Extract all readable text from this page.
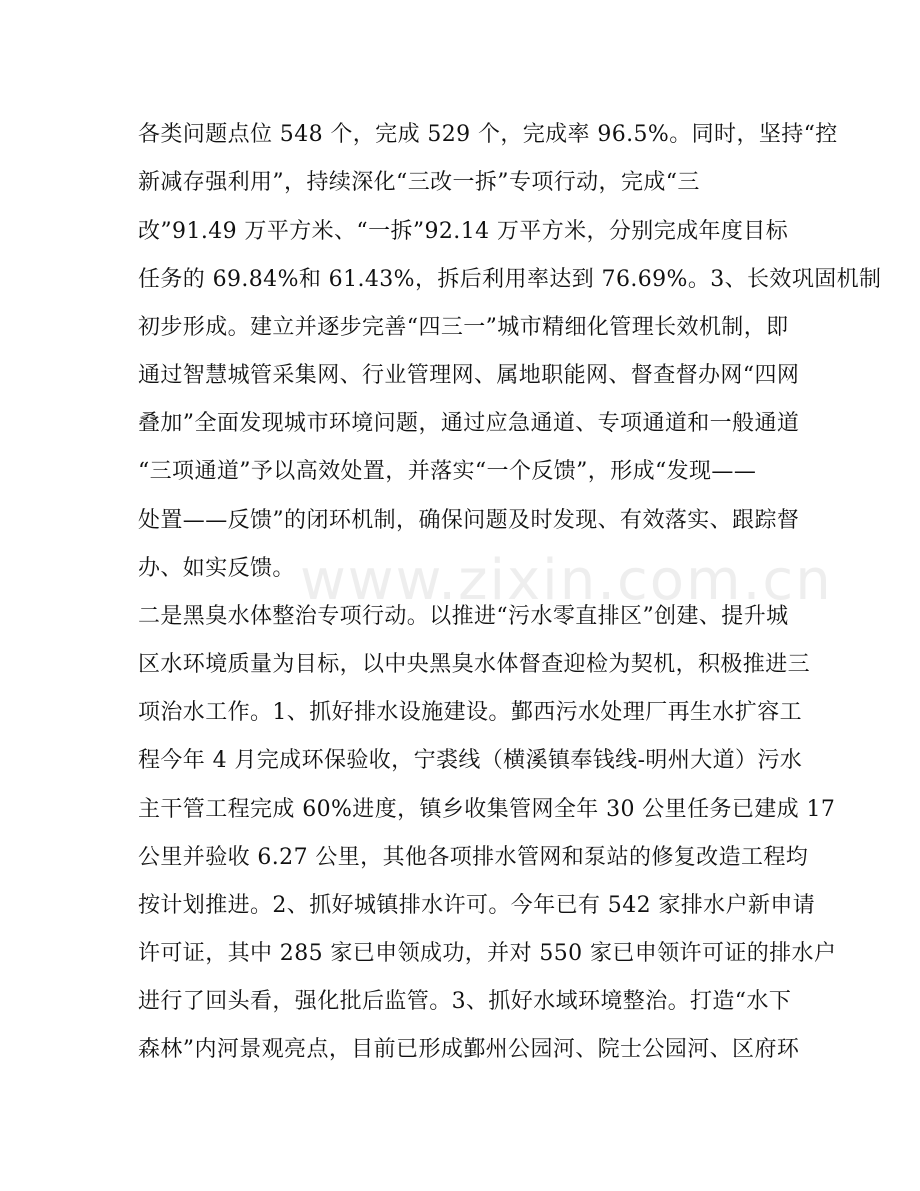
www.zixin.com.cn
各类问题点位 548 个，完成 529 个，完成率 96.5%。同时，坚持“控
新减存强利用”，持续深化“三改一拆”专项行动，完成“三
改”91.49 万平方米、“一拆”92.14 万平方米，分别完成年度目标
任务的 69.84%和 61.43%，拆后利用率达到 76.69%。3、长效巩固机制
初步形成。建立并逐步完善“四三一”城市精细化管理长效机制，即
通过智慧城管采集网、行业管理网、属地职能网、督查督办网“四网
叠加”全面发现城市环境问题，通过应急通道、专项通道和一般通道
“三项通道”予以高效处置，并落实“一个反馈”，形成“发现——
处置——反馈”的闭环机制，确保问题及时发现、有效落实、跟踪督
办、如实反馈。
二是黑臭水体整治专项行动。以推进“污水零直排区”创建、提升城
区水环境质量为目标，以中央黑臭水体督查迎检为契机，积极推进三
项治水工作。1、抓好排水设施建设。鄞西污水处理厂再生水扩容工
程今年 4 月完成环保验收，宁裘线（横溪镇奉钱线-明州大道）污水
主干管工程完成 60%进度，镇乡收集管网全年 30 公里任务已建成 17
公里并验收 6.27 公里，其他各项排水管网和泵站的修复改造工程均
按计划推进。2、抓好城镇排水许可。今年已有 542 家排水户新申请
许可证，其中 285 家已申领成功，并对 550 家已申领许可证的排水户
进行了回头看，强化批后监管。3、抓好水域环境整治。打造“水下
森林”内河景观亮点，目前已形成鄞州公园河、院士公园河、区府环
